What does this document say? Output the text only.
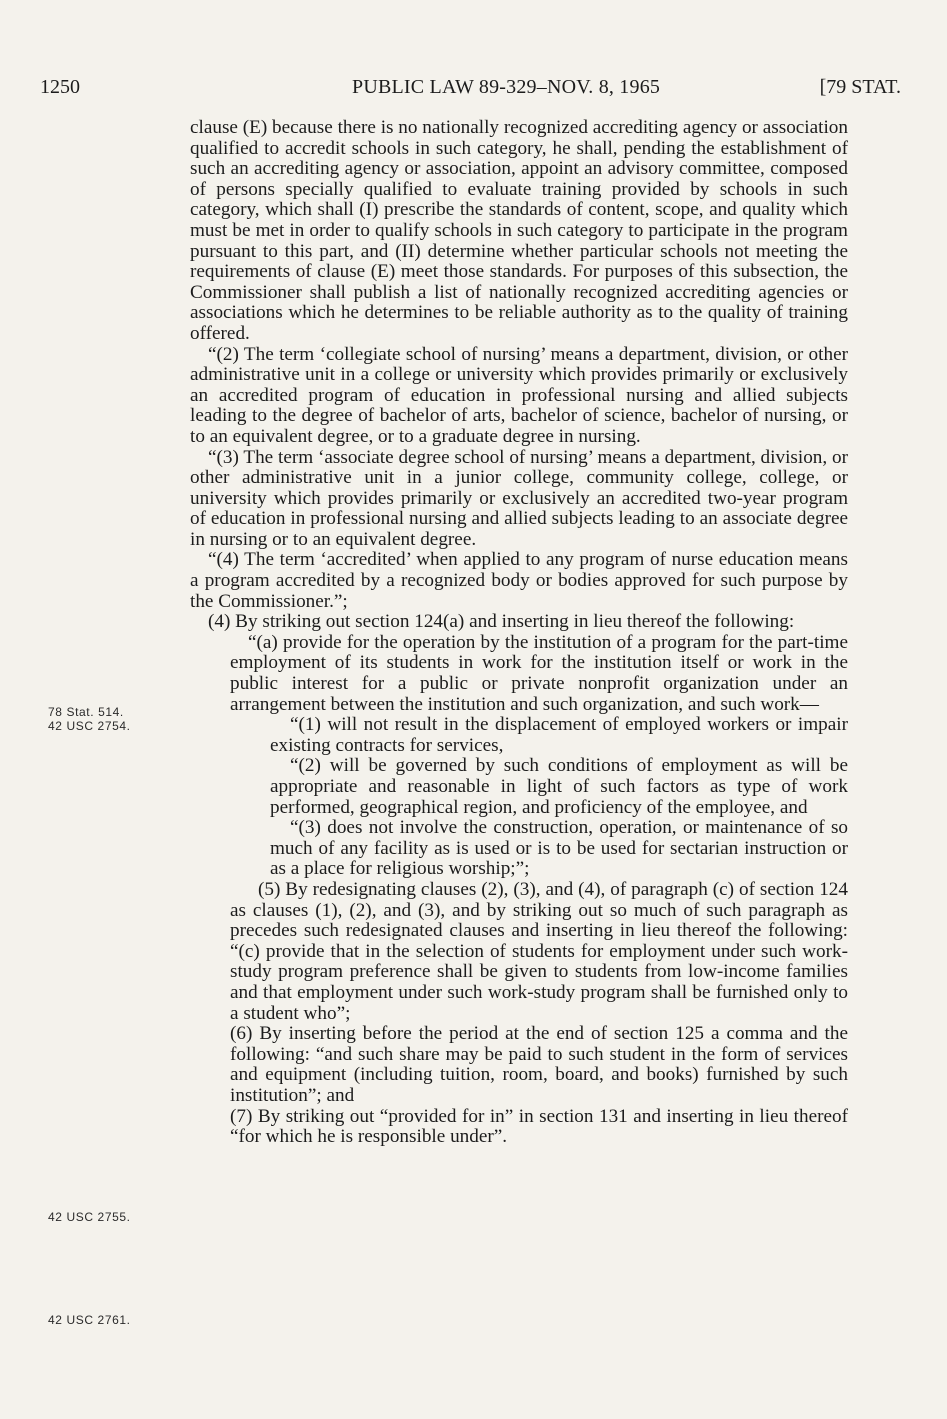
1250	PUBLIC LAW 89-329–NOV. 8, 1965	[79 STAT.
78 Stat. 514.
42 USC 2754.
42 USC 2755.
42 USC 2761.

clause (E) because there is no nationally recognized accrediting agency or association qualified to accredit schools in such category, he shall, pending the establishment of such an accrediting agency or association, appoint an advisory committee, composed of persons specially qualified to evaluate training provided by schools in such category, which shall (I) prescribe the standards of content, scope, and quality which must be met in order to qualify schools in such category to participate in the program pursuant to this part, and (II) determine whether particular schools not meeting the requirements of clause (E) meet those standards. For purposes of this subsection, the Commissioner shall publish a list of nationally recognized accrediting agencies or associations which he determines to be reliable authority as to the quality of training offered.

“(2) The term ‘collegiate school of nursing’ means a department, division, or other administrative unit in a college or university which provides primarily or exclusively an accredited program of education in professional nursing and allied subjects leading to the degree of bachelor of arts, bachelor of science, bachelor of nursing, or to an equivalent degree, or to a graduate degree in nursing.

“(3) The term ‘associate degree school of nursing’ means a department, division, or other administrative unit in a junior college, community college, college, or university which provides primarily or exclusively an accredited two-year program of education in professional nursing and allied subjects leading to an associate degree in nursing or to an equivalent degree.

“(4) The term ‘accredited’ when applied to any program of nurse education means a program accredited by a recognized body or bodies approved for such purpose by the Commissioner.”;

(4) By striking out section 124(a) and inserting in lieu thereof the following:

“(a) provide for the operation by the institution of a program for the part-time employment of its students in work for the institution itself or work in the public interest for a public or private nonprofit organization under an arrangement between the institution and such organization, and such work—

“(1) will not result in the displacement of employed workers or impair existing contracts for services,

“(2) will be governed by such conditions of employment as will be appropriate and reasonable in light of such factors as type of work performed, geographical region, and proficiency of the employee, and

“(3) does not involve the construction, operation, or maintenance of so much of any facility as is used or is to be used for sectarian instruction or as a place for religious worship;”;

(5) By redesignating clauses (2), (3), and (4), of paragraph (c) of section 124 as clauses (1), (2), and (3), and by striking out so much of such paragraph as precedes such redesignated clauses and inserting in lieu thereof the following: “(c) provide that in the selection of students for employment under such work-study program preference shall be given to students from low-income families and that employment under such work-study program shall be furnished only to a student who”;

(6) By inserting before the period at the end of section 125 a comma and the following: “and such share may be paid to such student in the form of services and equipment (including tuition, room, board, and books) furnished by such institution”; and

(7) By striking out “provided for in” in section 131 and inserting in lieu thereof “for which he is responsible under”.
